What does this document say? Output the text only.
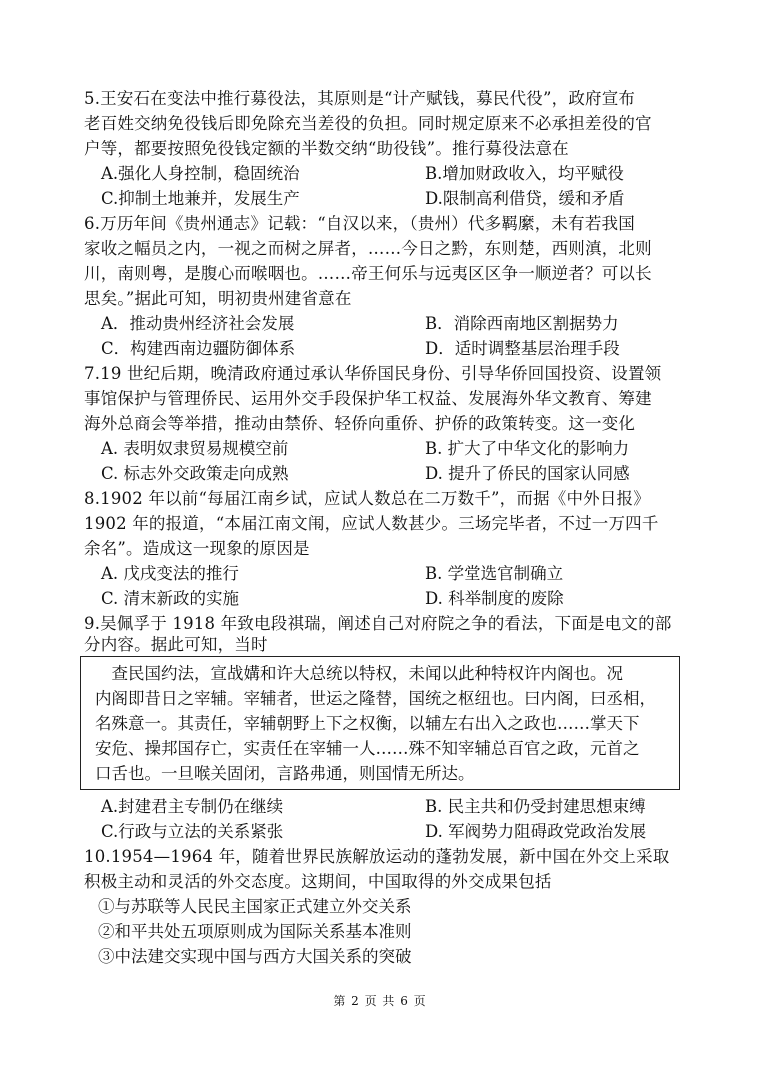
5.王安石在变法中推行募役法，其原则是“计产赋钱，募民代役”，政府宣布
老百姓交纳免役钱后即免除充当差役的负担。同时规定原来不必承担差役的官
户等，都要按照免役钱定额的半数交纳“助役钱”。推行募役法意在
A.强化人身控制，稳固统治	B.增加财政收入，均平赋役
C.抑制土地兼并，发展生产	D.限制高利借贷，缓和矛盾
6.万历年间《贵州通志》记载：“自汉以来，（贵州）代多羁縻，未有若我国
家收之幅员之内，一视之而树之屏者，……今日之黔，东则楚，西则滇，北则
川，南则粤，是腹心而喉咽也。……帝王何乐与远夷区区争一顺逆者？可以长
思矣。”据此可知，明初贵州建省意在
A．推动贵州经济社会发展	B．消除西南地区割据势力
C．构建西南边疆防御体系	D．适时调整基层治理手段
7.19 世纪后期，晚清政府通过承认华侨国民身份、引导华侨回国投资、设置领
事馆保护与管理侨民、运用外交手段保护华工权益、发展海外华文教育、筹建
海外总商会等举措，推动由禁侨、轻侨向重侨、护侨的政策转变。这一变化
A. 表明奴隶贸易规模空前	B. 扩大了中华文化的影响力
C. 标志外交政策走向成熟	D. 提升了侨民的国家认同感
8.1902 年以前“每届江南乡试，应试人数总在二万数千”，而据《中外日报》
1902 年的报道，“本届江南文闱，应试人数甚少。三场完毕者，不过一万四千
余名”。造成这一现象的原因是
A. 戊戌变法的推行	B. 学堂选官制确立
C. 清末新政的实施	D. 科举制度的废除
9.吴佩孚于 1918 年致电段祺瑞，阐述自己对府院之争的看法，下面是电文的部
分内容。据此可知，当时
　查民国约法，宣战媾和许大总统以特权，未闻以此种特权许内阁也。况
内阁即昔日之宰辅。宰辅者，世运之隆替，国统之枢纽也。曰内阁，曰丞相，
名殊意一。其责任，宰辅朝野上下之权衡，以辅左右出入之政也……掌天下
安危、操邦国存亡，实责任在宰辅一人……殊不知宰辅总百官之政，元首之
口舌也。一旦喉关固闭，言路弗通，则国情无所达。
A.封建君主专制仍在继续	B. 民主共和仍受封建思想束缚
C.行政与立法的关系紧张	D. 军阀势力阻碍政党政治发展
10.1954—1964 年，随着世界民族解放运动的蓬勃发展，新中国在外交上采取
积极主动和灵活的外交态度。这期间，中国取得的外交成果包括
①与苏联等人民民主国家正式建立外交关系
②和平共处五项原则成为国际关系基本准则
③中法建交实现中国与西方大国关系的突破
第 2 页 共 6 页
